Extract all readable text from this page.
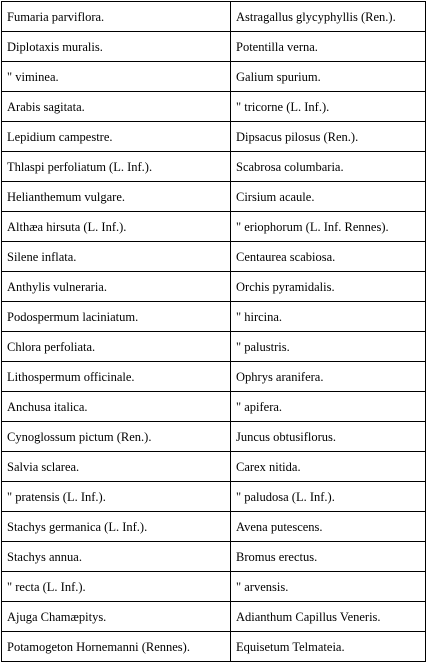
Fumaria parviflora.	Astragallus glycyphyllis (Ren.).
Diplotaxis muralis.	Potentilla verna.
" viminea.	Galium spurium.
Arabis sagitata.	" tricorne (L. Inf.).
Lepidium campestre.	Dipsacus pilosus (Ren.).
Thlaspi perfoliatum (L. Inf.).	Scabrosa columbaria.
Helianthemum vulgare.	Cirsium acaule.
Althæa hirsuta (L. Inf.).	" eriophorum (L. Inf. Rennes).
Silene inflata.	Centaurea scabiosa.
Anthylis vulneraria.	Orchis pyramidalis.
Podospermum laciniatum.	" hircina.
Chlora perfoliata.	" palustris.
Lithospermum officinale.	Ophrys aranifera.
Anchusa italica.	" apifera.
Cynoglossum pictum (Ren.).	Juncus obtusiflorus.
Salvia sclarea.	Carex nitida.
" pratensis (L. Inf.).	" paludosa (L. Inf.).
Stachys germanica (L. Inf.).	Avena putescens.
Stachys annua.	Bromus erectus.
" recta (L. Inf.).	" arvensis.
Ajuga Chamæpitys.	Adianthum Capillus Veneris.
Potamogeton Hornemanni (Rennes).	Equisetum Telmateia.
